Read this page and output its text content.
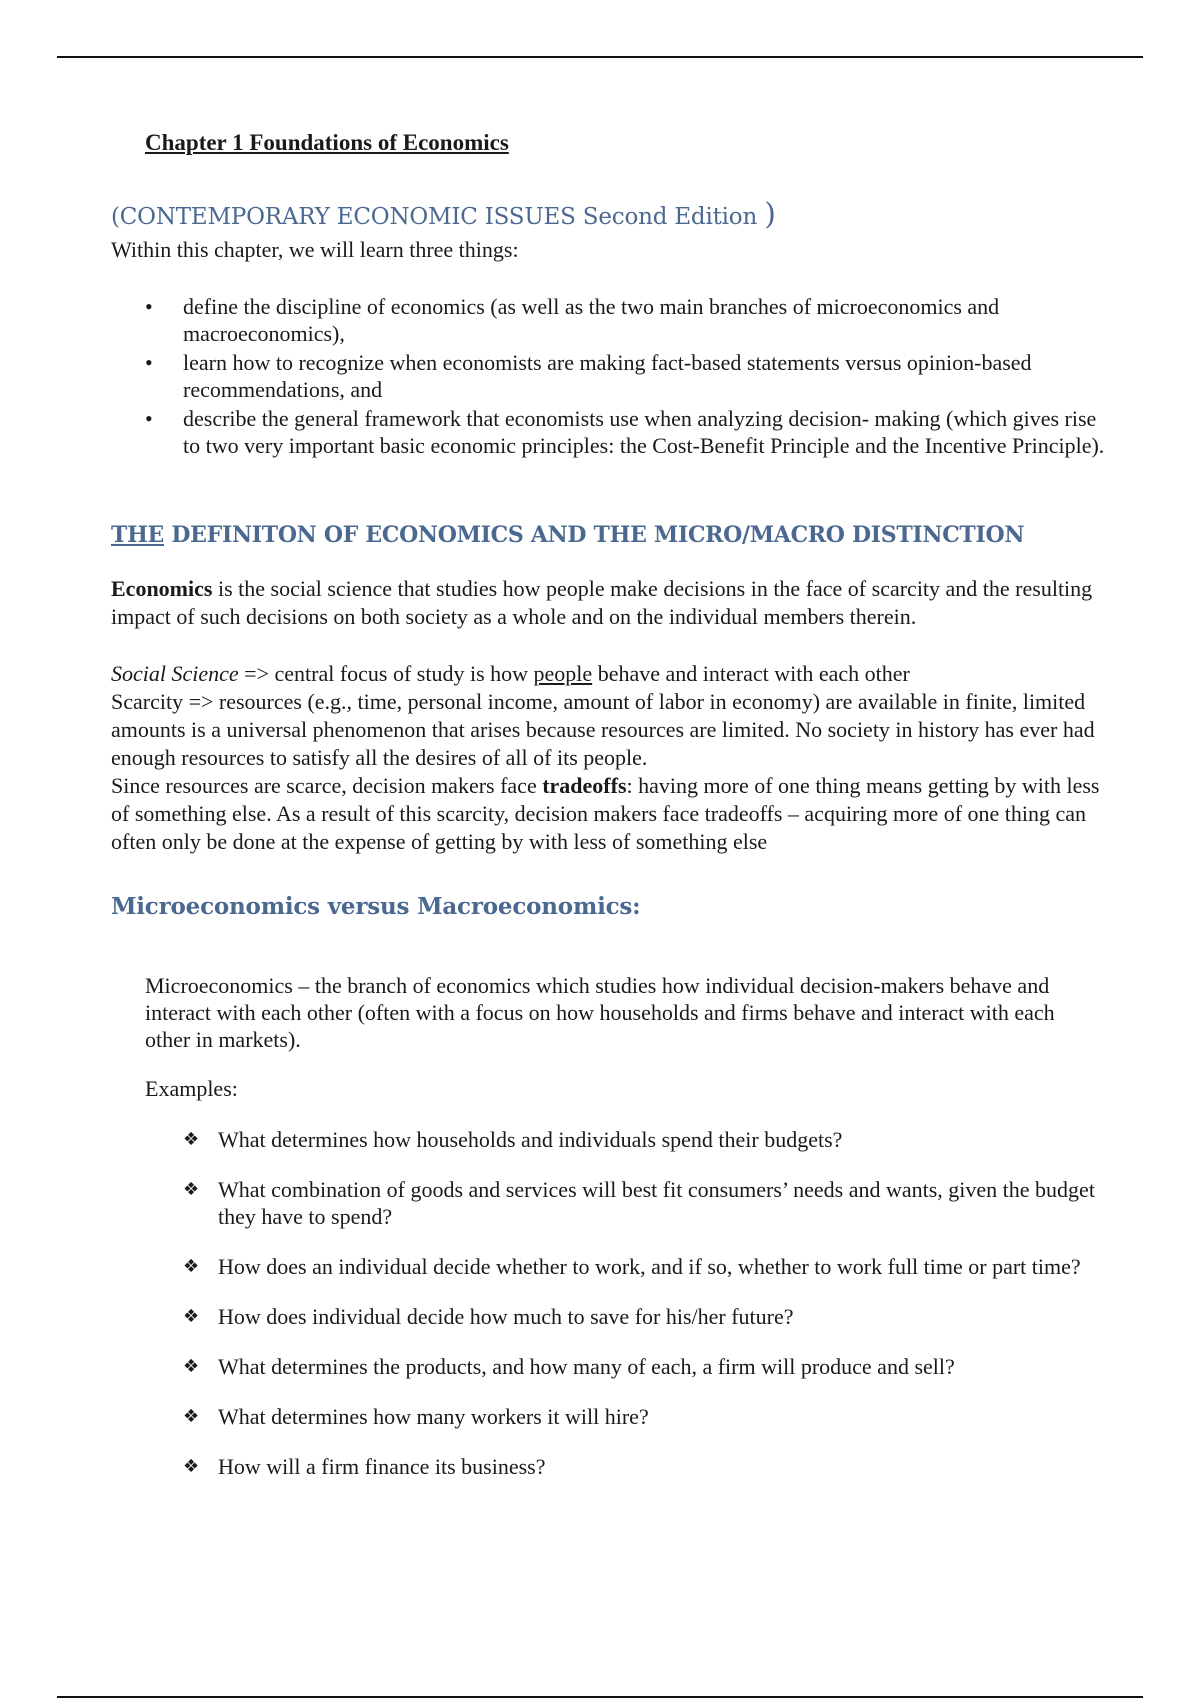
Chapter 1 Foundations of Economics

(CONTEMPORARY ECONOMIC ISSUES Second Edition )

Within this chapter, we will learn three things:

• define the discipline of economics (as well as the two main branches of microeconomics and macroeconomics),
• learn how to recognize when economists are making fact-based statements versus opinion-based recommendations, and
• describe the general framework that economists use when analyzing decision- making (which gives rise to two very important basic economic principles: the Cost-Benefit Principle and the Incentive Principle).
THE DEFINITON OF ECONOMICS AND THE MICRO/MACRO DISTINCTION

Economics is the social science that studies how people make decisions in the face of scarcity and the resulting impact of such decisions on both society as a whole and on the individual members therein.

Social Science => central focus of study is how people behave and interact with each other
Scarcity => resources (e.g., time, personal income, amount of labor in economy) are available in finite, limited amounts is a universal phenomenon that arises because resources are limited. No society in history has ever had enough resources to satisfy all the desires of all of its people.
Since resources are scarce, decision makers face tradeoffs: having more of one thing means getting by with less of something else. As a result of this scarcity, decision makers face tradeoffs – acquiring more of one thing can often only be done at the expense of getting by with less of something else

Microeconomics versus Macroeconomics:

Microeconomics – the branch of economics which studies how individual decision-makers behave and interact with each other (often with a focus on how households and firms behave and interact with each other in markets).

Examples:

❖ What determines how households and individuals spend their budgets?
❖ What combination of goods and services will best fit consumers’ needs and wants, given the budget they have to spend?
❖ How does an individual decide whether to work, and if so, whether to work full time or part time?
❖ How does individual decide how much to save for his/her future?
❖ What determines the products, and how many of each, a firm will produce and sell?
❖ What determines how many workers it will hire?
❖ How will a firm finance its business?
